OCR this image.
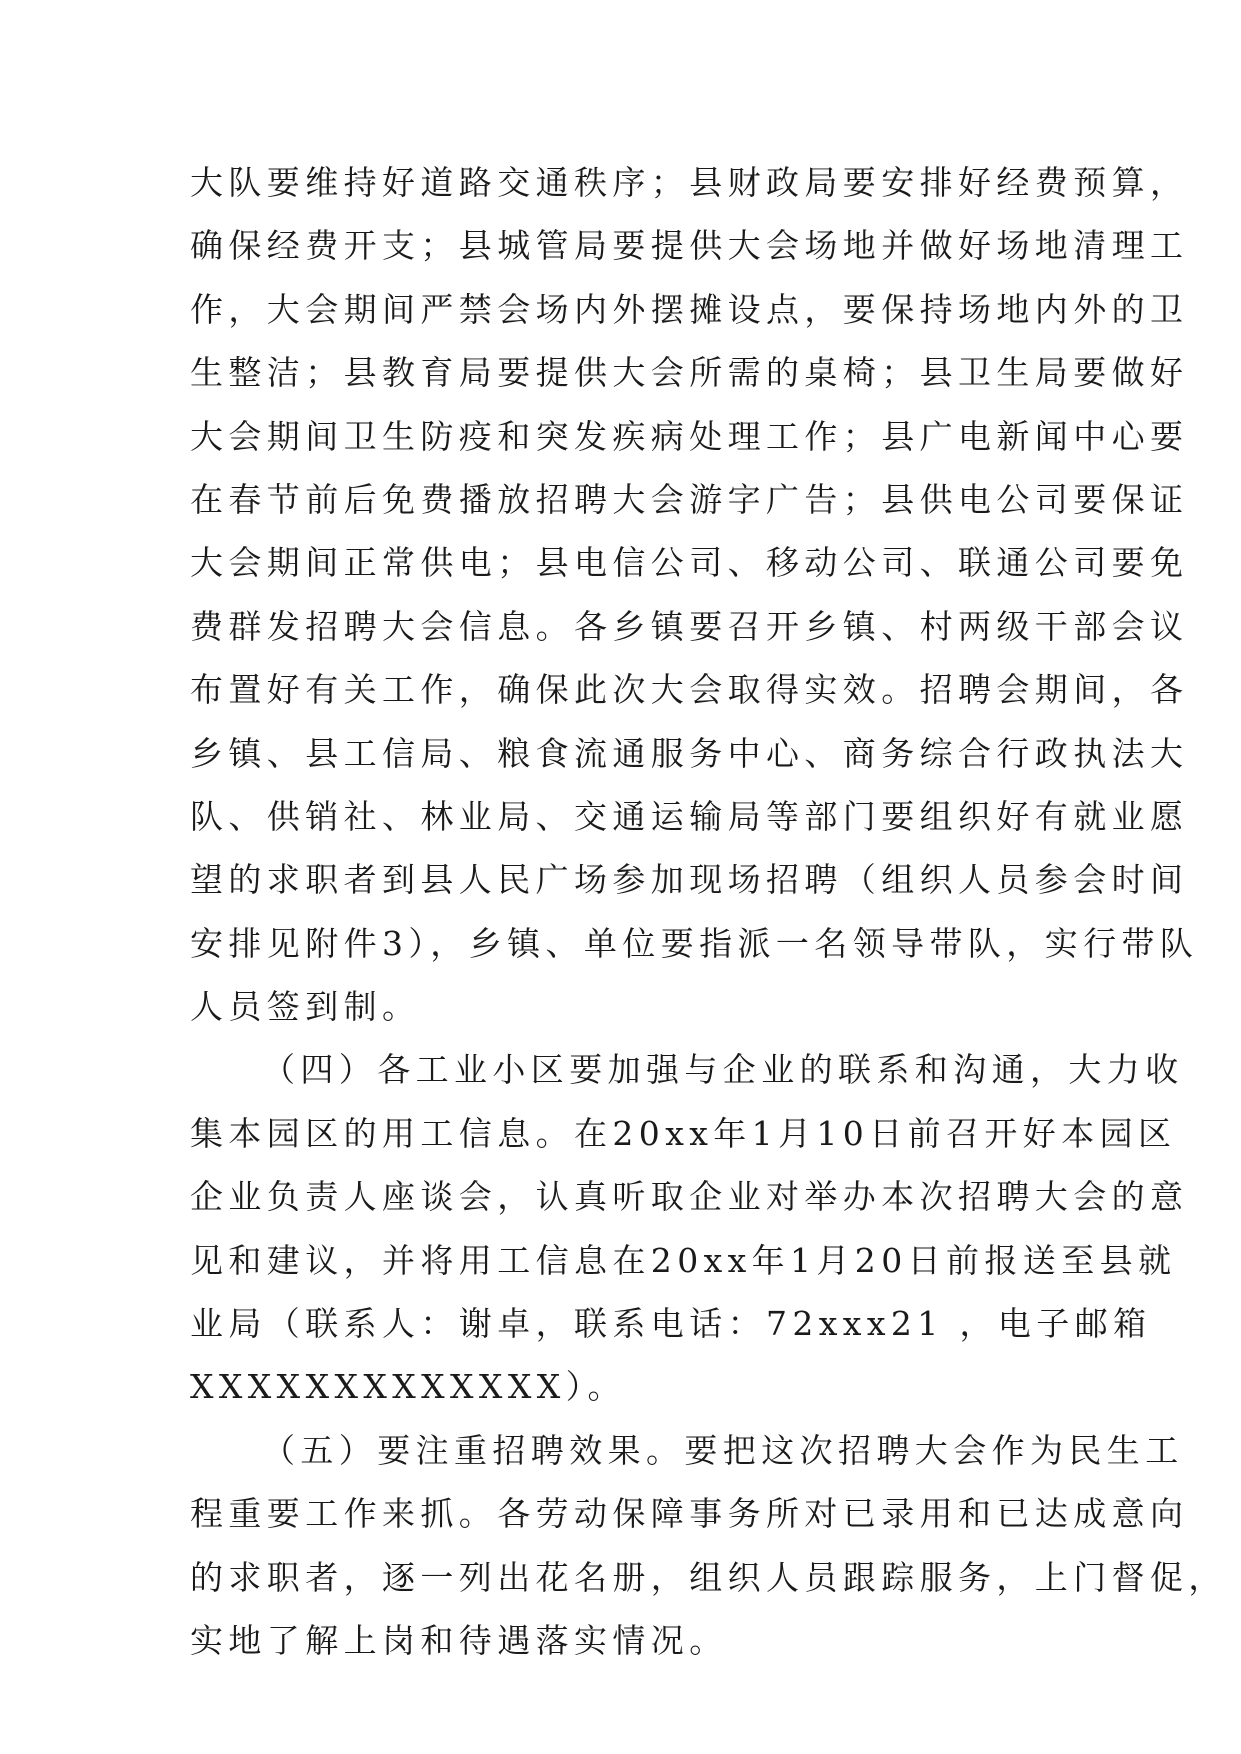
大队要维持好道路交通秩序；县财政局要安排好经费预算，
确保经费开支；县城管局要提供大会场地并做好场地清理工
作，大会期间严禁会场内外摆摊设点，要保持场地内外的卫
生整洁；县教育局要提供大会所需的桌椅；县卫生局要做好
大会期间卫生防疫和突发疾病处理工作；县广电新闻中心要
在春节前后免费播放招聘大会游字广告；县供电公司要保证
大会期间正常供电；县电信公司、移动公司、联通公司要免
费群发招聘大会信息。各乡镇要召开乡镇、村两级干部会议
布置好有关工作，确保此次大会取得实效。招聘会期间，各
乡镇、县工信局、粮食流通服务中心、商务综合行政执法大
队、供销社、林业局、交通运输局等部门要组织好有就业愿
望的求职者到县人民广场参加现场招聘（组织人员参会时间
安排见附件3），乡镇、单位要指派一名领导带队，实行带队
人员签到制。
（四）各工业小区要加强与企业的联系和沟通，大力收
集本园区的用工信息。在20xx年1月10日前召开好本园区
企业负责人座谈会，认真听取企业对举办本次招聘大会的意
见和建议，并将用工信息在20xx年1月20日前报送至县就
业局（联系人：谢卓，联系电话：72xxx21 ，电子邮箱
XXXXXXXXXXXXX）。
（五）要注重招聘效果。要把这次招聘大会作为民生工
程重要工作来抓。各劳动保障事务所对已录用和已达成意向
的求职者，逐一列出花名册，组织人员跟踪服务，上门督促，
实地了解上岗和待遇落实情况。
